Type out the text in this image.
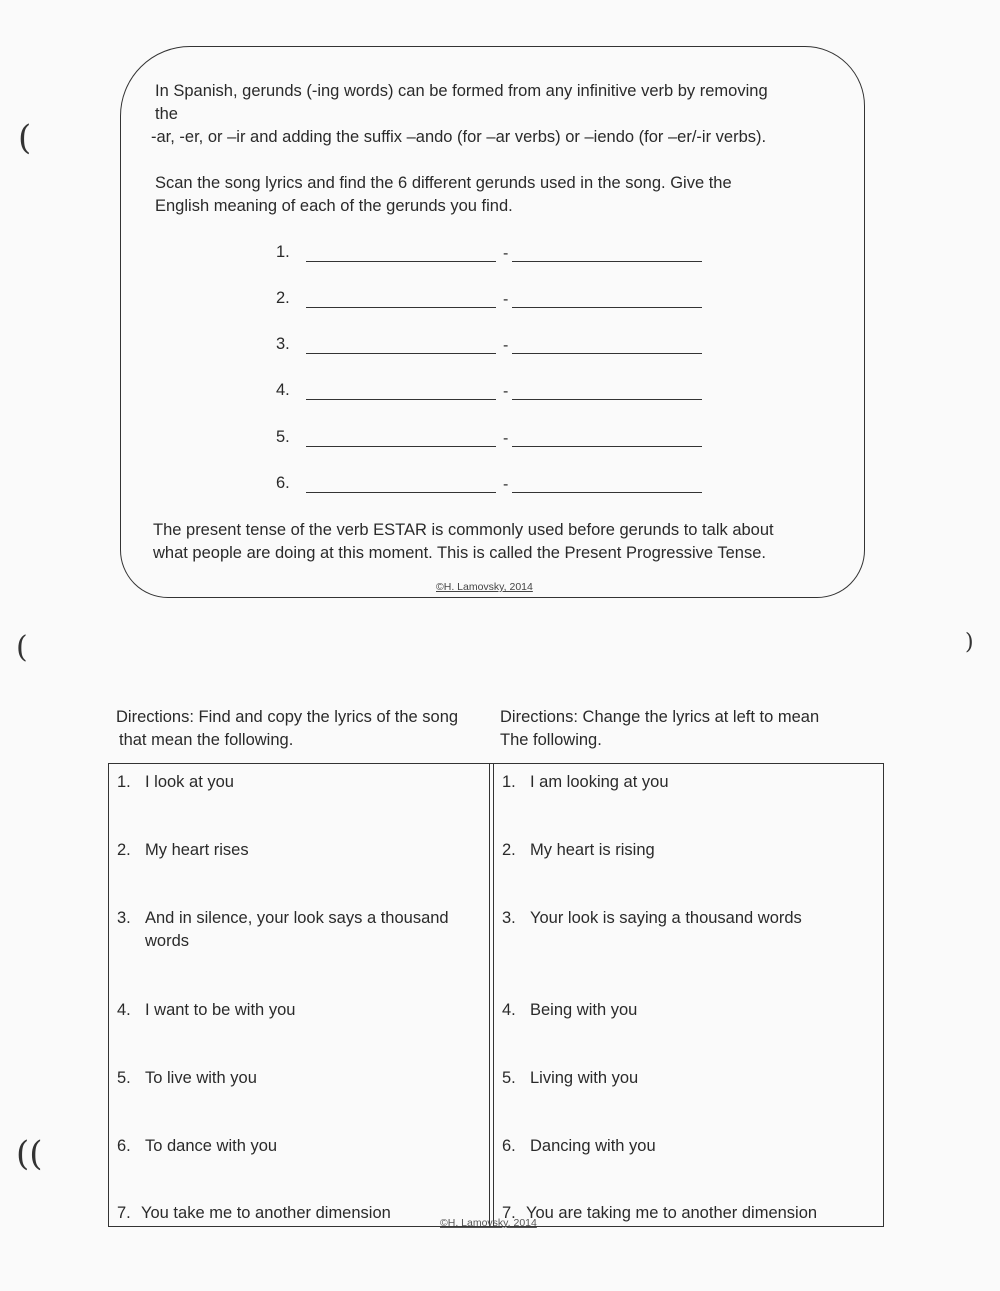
(
(	)
((

In Spanish, gerunds (-ing words) can be formed from any infinitive verb by removing
the
-ar, -er, or –ir and adding the suffix –ando (for –ar verbs) or –iendo (for –er/-ir verbs).

Scan the song lyrics and find the 6 different gerunds used in the song. Give the
English meaning of each of the gerunds you find.

1.	-
2.	-
3.	-
4.	-
5.	-
6.	-

The present tense of the verb ESTAR is commonly used before gerunds to talk about
what people are doing at this moment. This is called the Present Progressive Tense.

©H. Lamovsky, 2014

Directions: Find and copy the lyrics of the song
that mean the following.

Directions: Change the lyrics at left to mean
The following.

1. I look at you
2. My heart rises
3. And in silence, your look says a thousand words
4. I want to be with you
5. To live with you
6. To dance with you
7. You take me to another dimension
1. I am looking at you
2. My heart is rising
3. Your look is saying a thousand words
4. Being with you
5. Living with you
6. Dancing with you
7. You are taking me to another dimension
©H. Lamovsky, 2014
